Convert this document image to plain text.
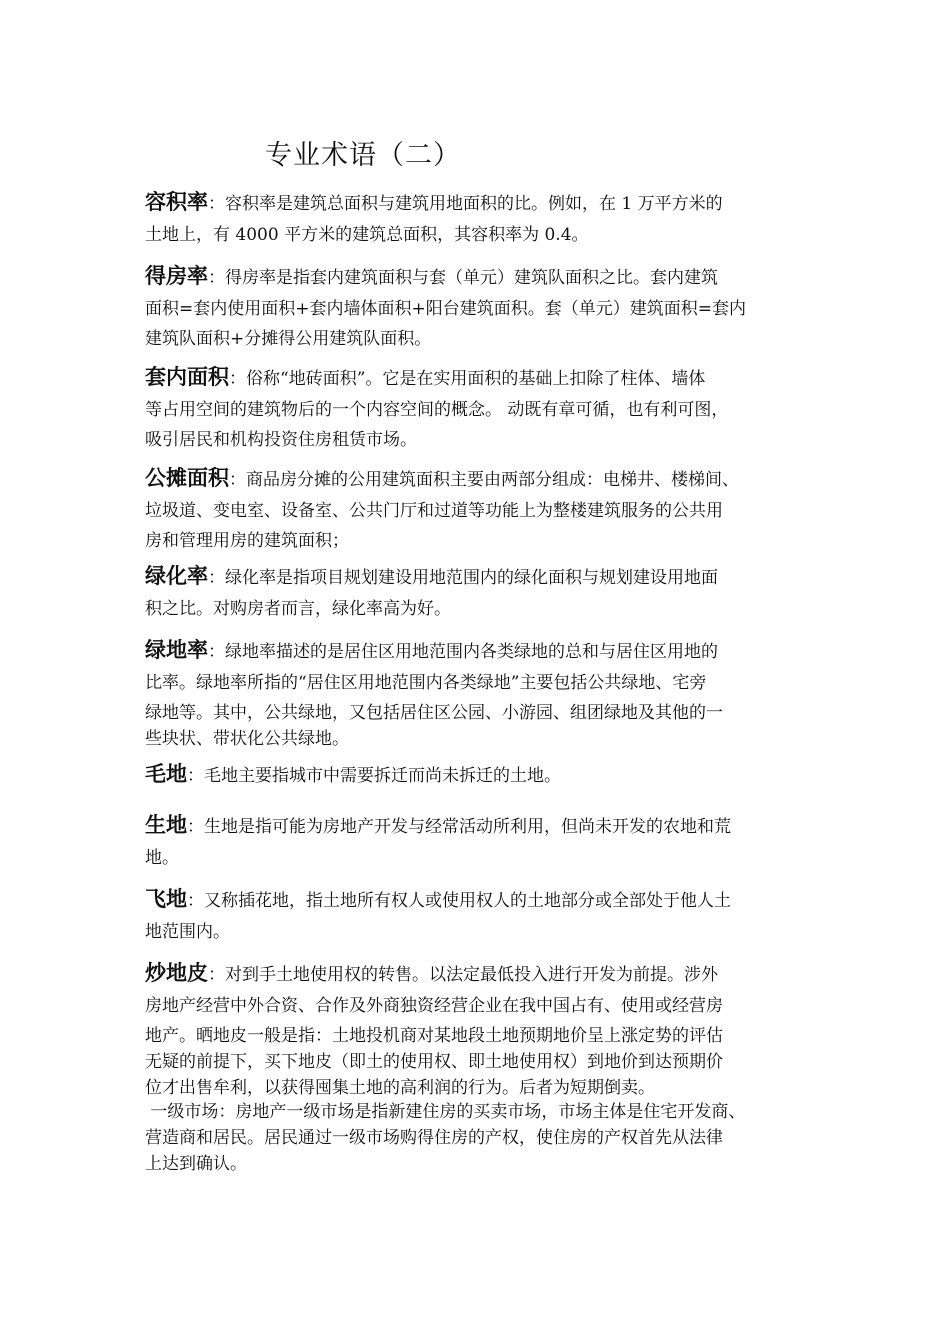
专业术语（二）
容积率：容积率是建筑总面积与建筑用地面积的比。例如，在 1 万平方米的
土地上，有 4000 平方米的建筑总面积，其容积率为 0.4。
得房率：得房率是指套内建筑面积与套（单元）建筑队面积之比。套内建筑
面积=套内使用面积+套内墙体面积+阳台建筑面积。套（单元）建筑面积=套内
建筑队面积+分摊得公用建筑队面积。
套内面积：俗称“地砖面积”。它是在实用面积的基础上扣除了柱体、墙体
等占用空间的建筑物后的一个内容空间的概念。 动既有章可循，也有利可图，
吸引居民和机构投资住房租赁市场。
公摊面积：商品房分摊的公用建筑面积主要由两部分组成：电梯井、楼梯间、
垃圾道、变电室、设备室、公共门厅和过道等功能上为整楼建筑服务的公共用
房和管理用房的建筑面积；
绿化率：绿化率是指项目规划建设用地范围内的绿化面积与规划建设用地面
积之比。对购房者而言，绿化率高为好。
绿地率：绿地率描述的是居住区用地范围内各类绿地的总和与居住区用地的
比率。绿地率所指的“居住区用地范围内各类绿地”主要包括公共绿地、宅旁
绿地等。其中，公共绿地，又包括居住区公园、小游园、组团绿地及其他的一
些块状、带状化公共绿地。
毛地：毛地主要指城市中需要拆迁而尚未拆迁的土地。
生地：生地是指可能为房地产开发与经常活动所利用，但尚未开发的农地和荒
地。
飞地：又称插花地，指土地所有权人或使用权人的土地部分或全部处于他人土
地范围内。
炒地皮：对到手土地使用权的转售。以法定最低投入进行开发为前提。涉外
房地产经营中外合资、合作及外商独资经营企业在我中国占有、使用或经营房
地产。晒地皮一般是指：土地投机商对某地段土地预期地价呈上涨定势的评估
无疑的前提下，买下地皮（即土的使用权、即土地使用权）到地价到达预期价
位才出售牟利，以获得囤集土地的高利润的行为。后者为短期倒卖。
一级市场：房地产一级市场是指新建住房的买卖市场，市场主体是住宅开发商、
营造商和居民。居民通过一级市场购得住房的产权，使住房的产权首先从法律
上达到确认。
